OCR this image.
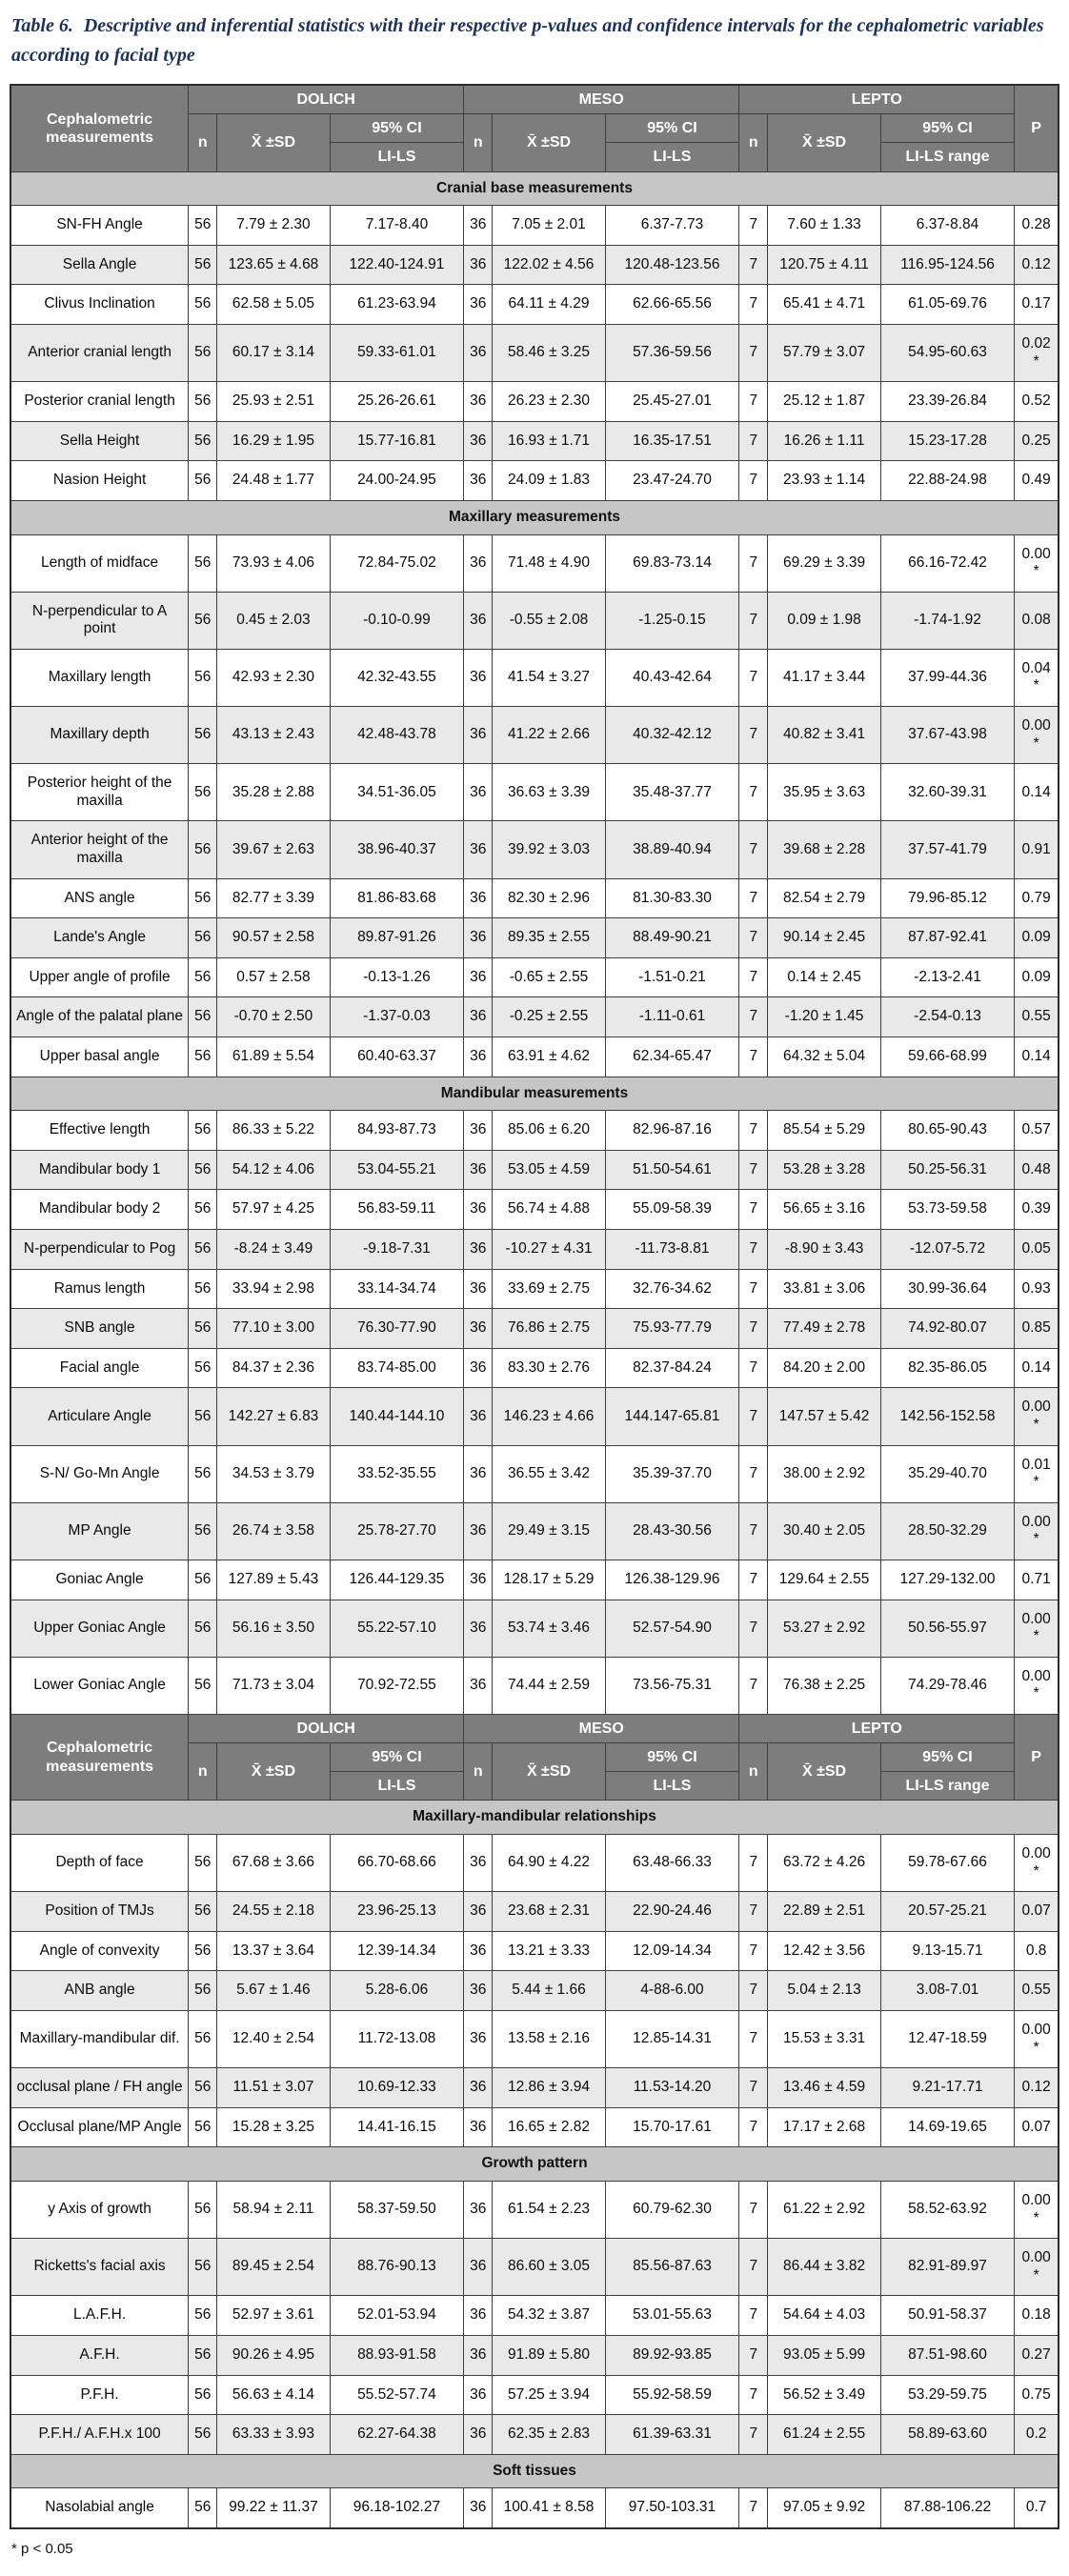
Table 6. Descriptive and inferential statistics with their respective p-values and confidence intervals for the cephalometric variables according to facial type
Cephalometric measurements	DOLICH			MESO			LEPTO			P
	n	X̄ ±SD	95% CI	n	X̄ ±SD	95% CI	n	X̄ ±SD	95% CI	
			LI-LS			LI-LS			LI-LS range	
Cranial base measurements										
SN-FH Angle	56	7.79 ± 2.30	7.17-8.40	36	7.05 ± 2.01	6.37-7.73	7	7.60 ± 1.33	6.37-8.84	0.28
Sella Angle	56	123.65 ± 4.68	122.40-124.91	36	122.02 ± 4.56	120.48-123.56	7	120.75 ± 4.11	116.95-124.56	0.12
Clivus Inclination	56	62.58 ± 5.05	61.23-63.94	36	64.11 ± 4.29	62.66-65.56	7	65.41 ± 4.71	61.05-69.76	0.17
Anterior cranial length	56	60.17 ± 3.14	59.33-61.01	36	58.46 ± 3.25	57.36-59.56	7	57.79 ± 3.07	54.95-60.63	0.02 *
Posterior cranial length	56	25.93 ± 2.51	25.26-26.61	36	26.23 ± 2.30	25.45-27.01	7	25.12 ± 1.87	23.39-26.84	0.52
Sella Height	56	16.29 ± 1.95	15.77-16.81	36	16.93 ± 1.71	16.35-17.51	7	16.26 ± 1.11	15.23-17.28	0.25
Nasion Height	56	24.48 ± 1.77	24.00-24.95	36	24.09 ± 1.83	23.47-24.70	7	23.93 ± 1.14	22.88-24.98	0.49
Maxillary measurements										
Length of midface	56	73.93 ± 4.06	72.84-75.02	36	71.48 ± 4.90	69.83-73.14	7	69.29 ± 3.39	66.16-72.42	0.00 *
N-perpendicular to A point	56	0.45 ± 2.03	-0.10-0.99	36	-0.55 ± 2.08	-1.25-0.15	7	0.09 ± 1.98	-1.74-1.92	0.08
Maxillary length	56	42.93 ± 2.30	42.32-43.55	36	41.54 ± 3.27	40.43-42.64	7	41.17 ± 3.44	37.99-44.36	0.04 *
Maxillary depth	56	43.13 ± 2.43	42.48-43.78	36	41.22 ± 2.66	40.32-42.12	7	40.82 ± 3.41	37.67-43.98	0.00 *
Posterior height of the maxilla	56	35.28 ± 2.88	34.51-36.05	36	36.63 ± 3.39	35.48-37.77	7	35.95 ± 3.63	32.60-39.31	0.14
Anterior height of the maxilla	56	39.67 ± 2.63	38.96-40.37	36	39.92 ± 3.03	38.89-40.94	7	39.68 ± 2.28	37.57-41.79	0.91
ANS angle	56	82.77 ± 3.39	81.86-83.68	36	82.30 ± 2.96	81.30-83.30	7	82.54 ± 2.79	79.96-85.12	0.79
Lande's Angle	56	90.57 ± 2.58	89.87-91.26	36	89.35 ± 2.55	88.49-90.21	7	90.14 ± 2.45	87.87-92.41	0.09
Upper angle of profile	56	0.57 ± 2.58	-0.13-1.26	36	-0.65 ± 2.55	-1.51-0.21	7	0.14 ± 2.45	-2.13-2.41	0.09
Angle of the palatal plane	56	-0.70 ± 2.50	-1.37-0.03	36	-0.25 ± 2.55	-1.11-0.61	7	-1.20 ± 1.45	-2.54-0.13	0.55
Upper basal angle	56	61.89 ± 5.54	60.40-63.37	36	63.91 ± 4.62	62.34-65.47	7	64.32 ± 5.04	59.66-68.99	0.14
Mandibular measurements										
Effective length	56	86.33 ± 5.22	84.93-87.73	36	85.06 ± 6.20	82.96-87.16	7	85.54 ± 5.29	80.65-90.43	0.57
Mandibular body 1	56	54.12 ± 4.06	53.04-55.21	36	53.05 ± 4.59	51.50-54.61	7	53.28 ± 3.28	50.25-56.31	0.48
Mandibular body 2	56	57.97 ± 4.25	56.83-59.11	36	56.74 ± 4.88	55.09-58.39	7	56.65 ± 3.16	53.73-59.58	0.39
N-perpendicular to Pog	56	-8.24 ± 3.49	-9.18-7.31	36	-10.27 ± 4.31	-11.73-8.81	7	-8.90 ± 3.43	-12.07-5.72	0.05
Ramus length	56	33.94 ± 2.98	33.14-34.74	36	33.69 ± 2.75	32.76-34.62	7	33.81 ± 3.06	30.99-36.64	0.93
SNB angle	56	77.10 ± 3.00	76.30-77.90	36	76.86 ± 2.75	75.93-77.79	7	77.49 ± 2.78	74.92-80.07	0.85
Facial angle	56	84.37 ± 2.36	83.74-85.00	36	83.30 ± 2.76	82.37-84.24	7	84.20 ± 2.00	82.35-86.05	0.14
Articulare Angle	56	142.27 ± 6.83	140.44-144.10	36	146.23 ± 4.66	144.147-65.81	7	147.57 ± 5.42	142.56-152.58	0.00 *
S-N/ Go-Mn Angle	56	34.53 ± 3.79	33.52-35.55	36	36.55 ± 3.42	35.39-37.70	7	38.00 ± 2.92	35.29-40.70	0.01 *
MP Angle	56	26.74 ± 3.58	25.78-27.70	36	29.49 ± 3.15	28.43-30.56	7	30.40 ± 2.05	28.50-32.29	0.00 *
Goniac Angle	56	127.89 ± 5.43	126.44-129.35	36	128.17 ± 5.29	126.38-129.96	7	129.64 ± 2.55	127.29-132.00	0.71
Upper Goniac Angle	56	56.16 ± 3.50	55.22-57.10	36	53.74 ± 3.46	52.57-54.90	7	53.27 ± 2.92	50.56-55.97	0.00 *
Lower Goniac Angle	56	71.73 ± 3.04	70.92-72.55	36	74.44 ± 2.59	73.56-75.31	7	76.38 ± 2.25	74.29-78.46	0.00 *
Cephalometric measurements	DOLICH			MESO			LEPTO			P
	n	X̄ ±SD	95% CI	n	X̄ ±SD	95% CI	n	X̄ ±SD	95% CI	
			LI-LS			LI-LS			LI-LS range	
Maxillary-mandibular relationships										
Depth of face	56	67.68 ± 3.66	66.70-68.66	36	64.90 ± 4.22	63.48-66.33	7	63.72 ± 4.26	59.78-67.66	0.00 *
Position of TMJs	56	24.55 ± 2.18	23.96-25.13	36	23.68 ± 2.31	22.90-24.46	7	22.89 ± 2.51	20.57-25.21	0.07
Angle of convexity	56	13.37 ± 3.64	12.39-14.34	36	13.21 ± 3.33	12.09-14.34	7	12.42 ± 3.56	9.13-15.71	0.8
ANB angle	56	5.67 ± 1.46	5.28-6.06	36	5.44 ± 1.66	4-88-6.00	7	5.04 ± 2.13	3.08-7.01	0.55
Maxillary-mandibular dif.	56	12.40 ± 2.54	11.72-13.08	36	13.58 ± 2.16	12.85-14.31	7	15.53 ± 3.31	12.47-18.59	0.00 *
occlusal plane / FH angle	56	11.51 ± 3.07	10.69-12.33	36	12.86 ± 3.94	11.53-14.20	7	13.46 ± 4.59	9.21-17.71	0.12
Occlusal plane/MP Angle	56	15.28 ± 3.25	14.41-16.15	36	16.65 ± 2.82	15.70-17.61	7	17.17 ± 2.68	14.69-19.65	0.07
Growth pattern										
y Axis of growth	56	58.94 ± 2.11	58.37-59.50	36	61.54 ± 2.23	60.79-62.30	7	61.22 ± 2.92	58.52-63.92	0.00 *
Ricketts's facial axis	56	89.45 ± 2.54	88.76-90.13	36	86.60 ± 3.05	85.56-87.63	7	86.44 ± 3.82	82.91-89.97	0.00 *
L.A.F.H.	56	52.97 ± 3.61	52.01-53.94	36	54.32 ± 3.87	53.01-55.63	7	54.64 ± 4.03	50.91-58.37	0.18
A.F.H.	56	90.26 ± 4.95	88.93-91.58	36	91.89 ± 5.80	89.92-93.85	7	93.05 ± 5.99	87.51-98.60	0.27
P.F.H.	56	56.63 ± 4.14	55.52-57.74	36	57.25 ± 3.94	55.92-58.59	7	56.52 ± 3.49	53.29-59.75	0.75
P.F.H./ A.F.H.x 100	56	63.33 ± 3.93	62.27-64.38	36	62.35 ± 2.83	61.39-63.31	7	61.24 ± 2.55	58.89-63.60	0.2
Soft tissues										
Nasolabial angle	56	99.22 ± 11.37	96.18-102.27	36	100.41 ± 8.58	97.50-103.31	7	97.05 ± 9.92	87.88-106.22	0.7
* p < 0.05
